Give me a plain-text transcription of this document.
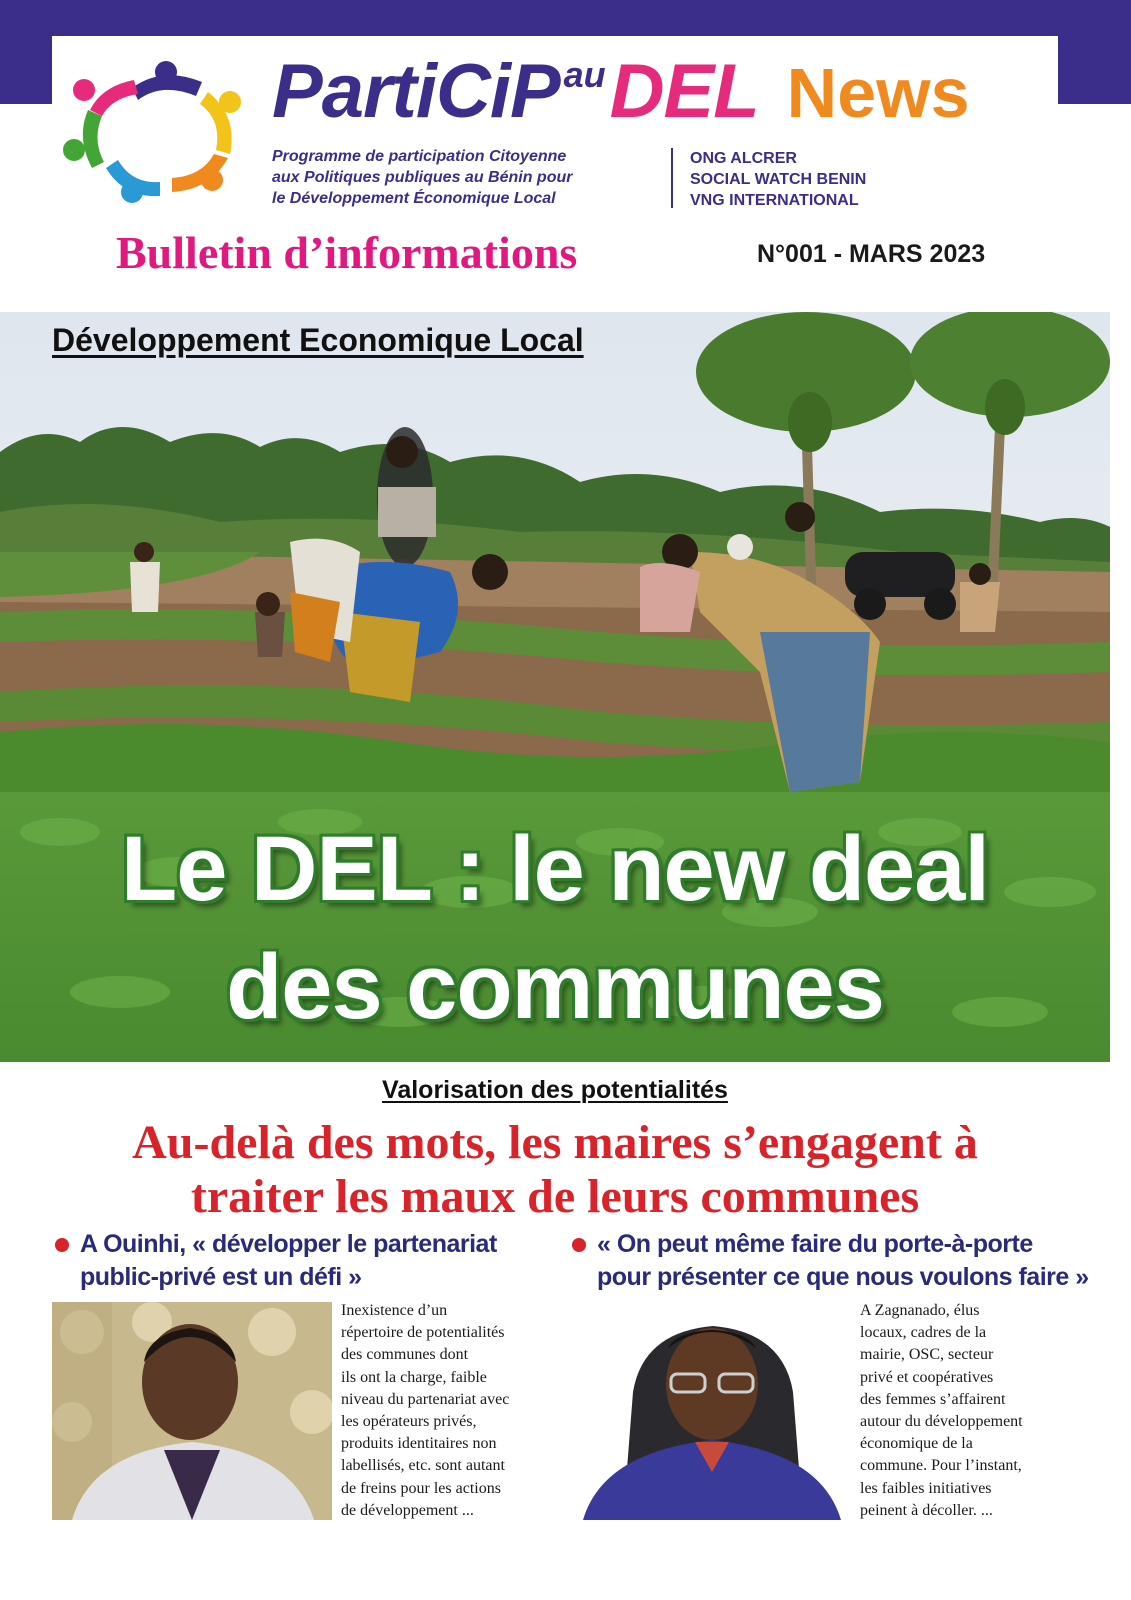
PartiCiP auDEL News
Programme de participation Citoyenne
aux Politiques publiques au Bénin pour
le Développement Économique Local
ONG ALCRER
SOCIAL WATCH BENIN
VNG INTERNATIONAL
Bulletin d’informations	N°001 - MARS 2023
Développement Economique Local
Le DEL : le new deal
des communes
Valorisation des potentialités
Au-delà des mots, les maires s’engagent à
traiter les maux de leurs communes
A Ouinhi, « développer le partenariat
public-privé est un défi »
Inexistence d’un
répertoire de potentialités
des communes dont
ils ont la charge, faible
niveau du partenariat avec
les opérateurs privés,
produits identitaires non
labellisés, etc. sont autant
de freins pour les actions
de développement ...
« On peut même faire du porte-à-porte
pour présenter ce que nous voulons faire »
A Zagnanado, élus
locaux, cadres de la
mairie, OSC, secteur
privé et coopératives
des femmes s’affairent
autour du développement
économique de la
commune. Pour l’instant,
les faibles initiatives
peinent à décoller. ...
